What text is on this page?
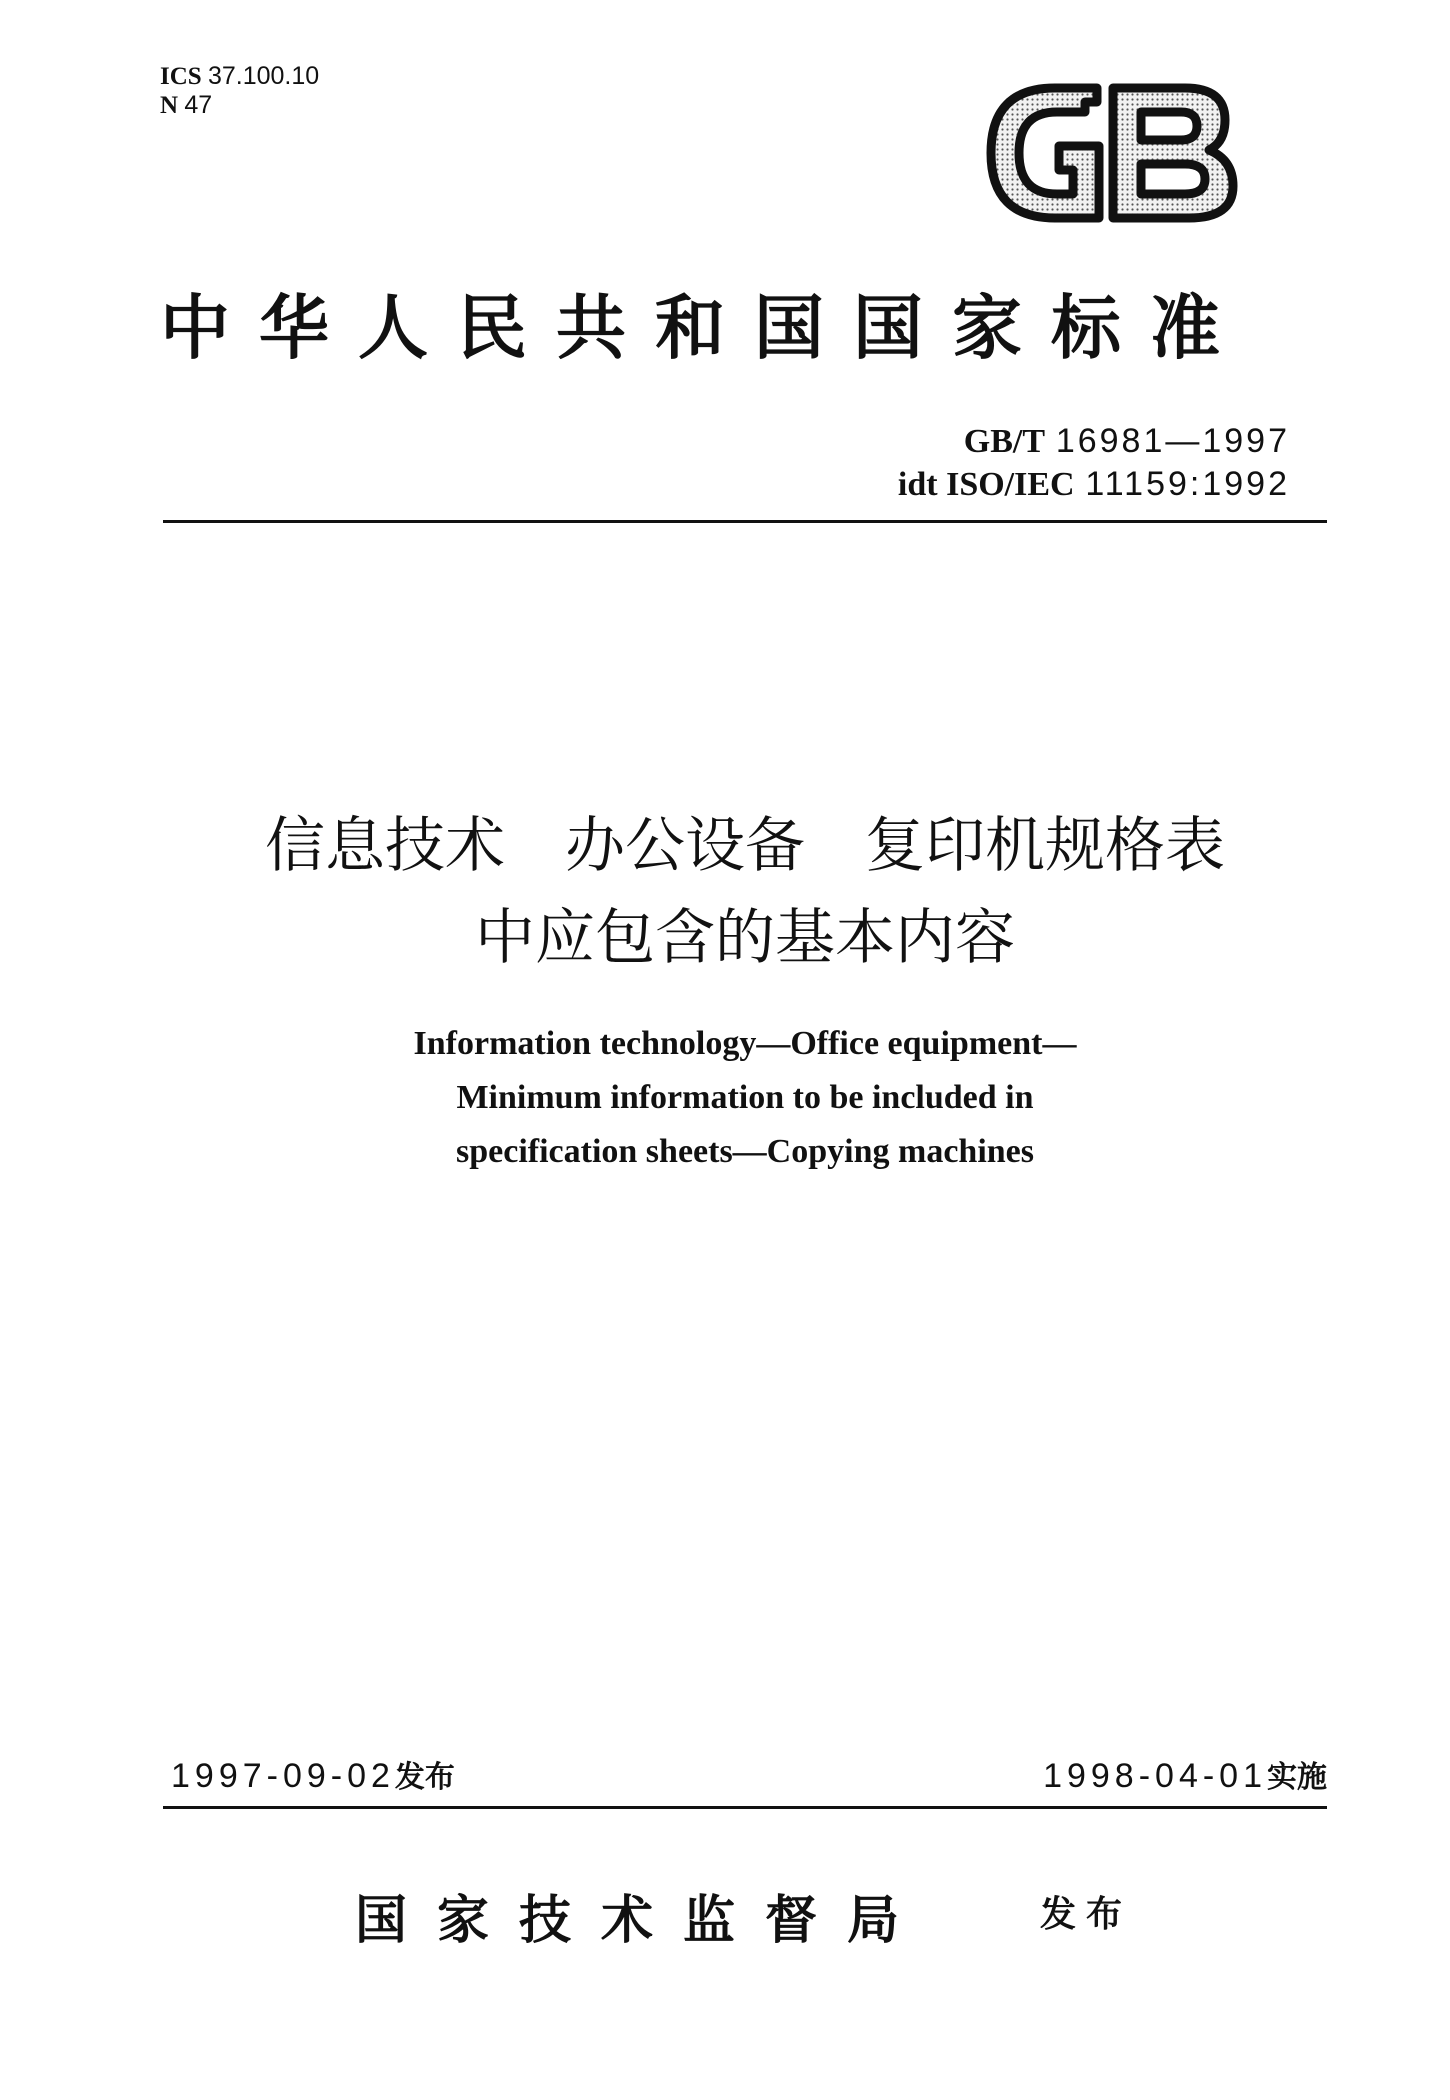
ICS 37.100.10
N 47
中华人民共和国国家标准
GB/T 16981—1997
idt ISO/IEC 11159:1992
信息技术 办公设备 复印机规格表
中应包含的基本内容
Information technology—Office equipment—
Minimum information to be included in
specification sheets—Copying machines
1997-09-02发布	1998-04-01实施
国家技术监督局	发布
